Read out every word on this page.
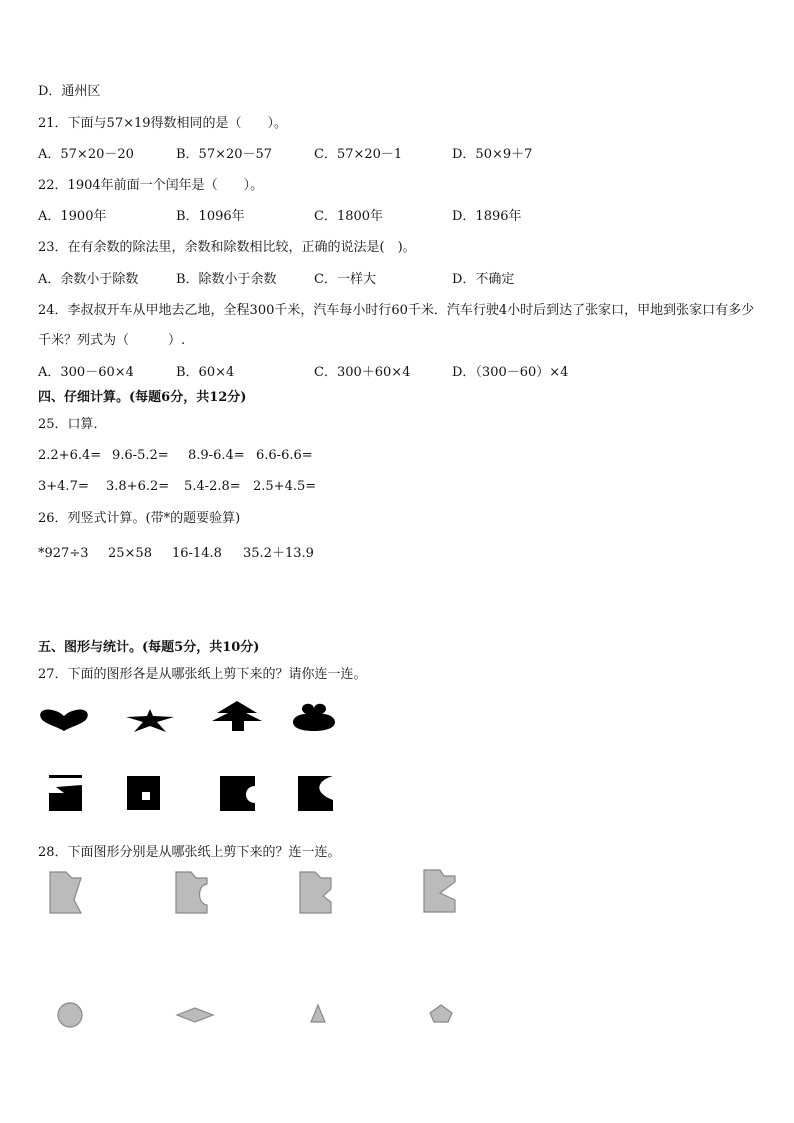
D．通州区
21．下面与57×19得数相同的是（　　）。
A．57×20－20	B．57×20－57	C．57×20－1	D．50×9＋7
22．1904年前面一个闰年是（　　）。
A．1900年	B．1096年	C．1800年	D．1896年
23．在有余数的除法里，余数和除数相比较，正确的说法是(　)。
A．余数小于除数	B．除数小于余数	C．一样大	D．不确定
24．李叔叔开车从甲地去乙地，全程300千米，汽车每小时行60千米．汽车行驶4小时后到达了张家口，甲地到张家口有多少千米？列式为（　　　）.
A．300－60×4	B．60×4	C．300＋60×4	D．（300－60）×4
四、仔细计算。(每题6分，共12分)
25．口算．
2.2+6.4= 9.6-5.2= 8.9-6.4= 6.6-6.6=
3+4.7= 3.8+6.2= 5.4-2.8= 2.5+4.5=
26．列竖式计算。(带*的题要验算)
*927÷3 25×58 16-14.8 35.2＋13.9
五、图形与统计。(每题5分，共10分)
27．下面的图形各是从哪张纸上剪下来的？请你连一连。
28．下面图形分别是从哪张纸上剪下来的？连一连。
